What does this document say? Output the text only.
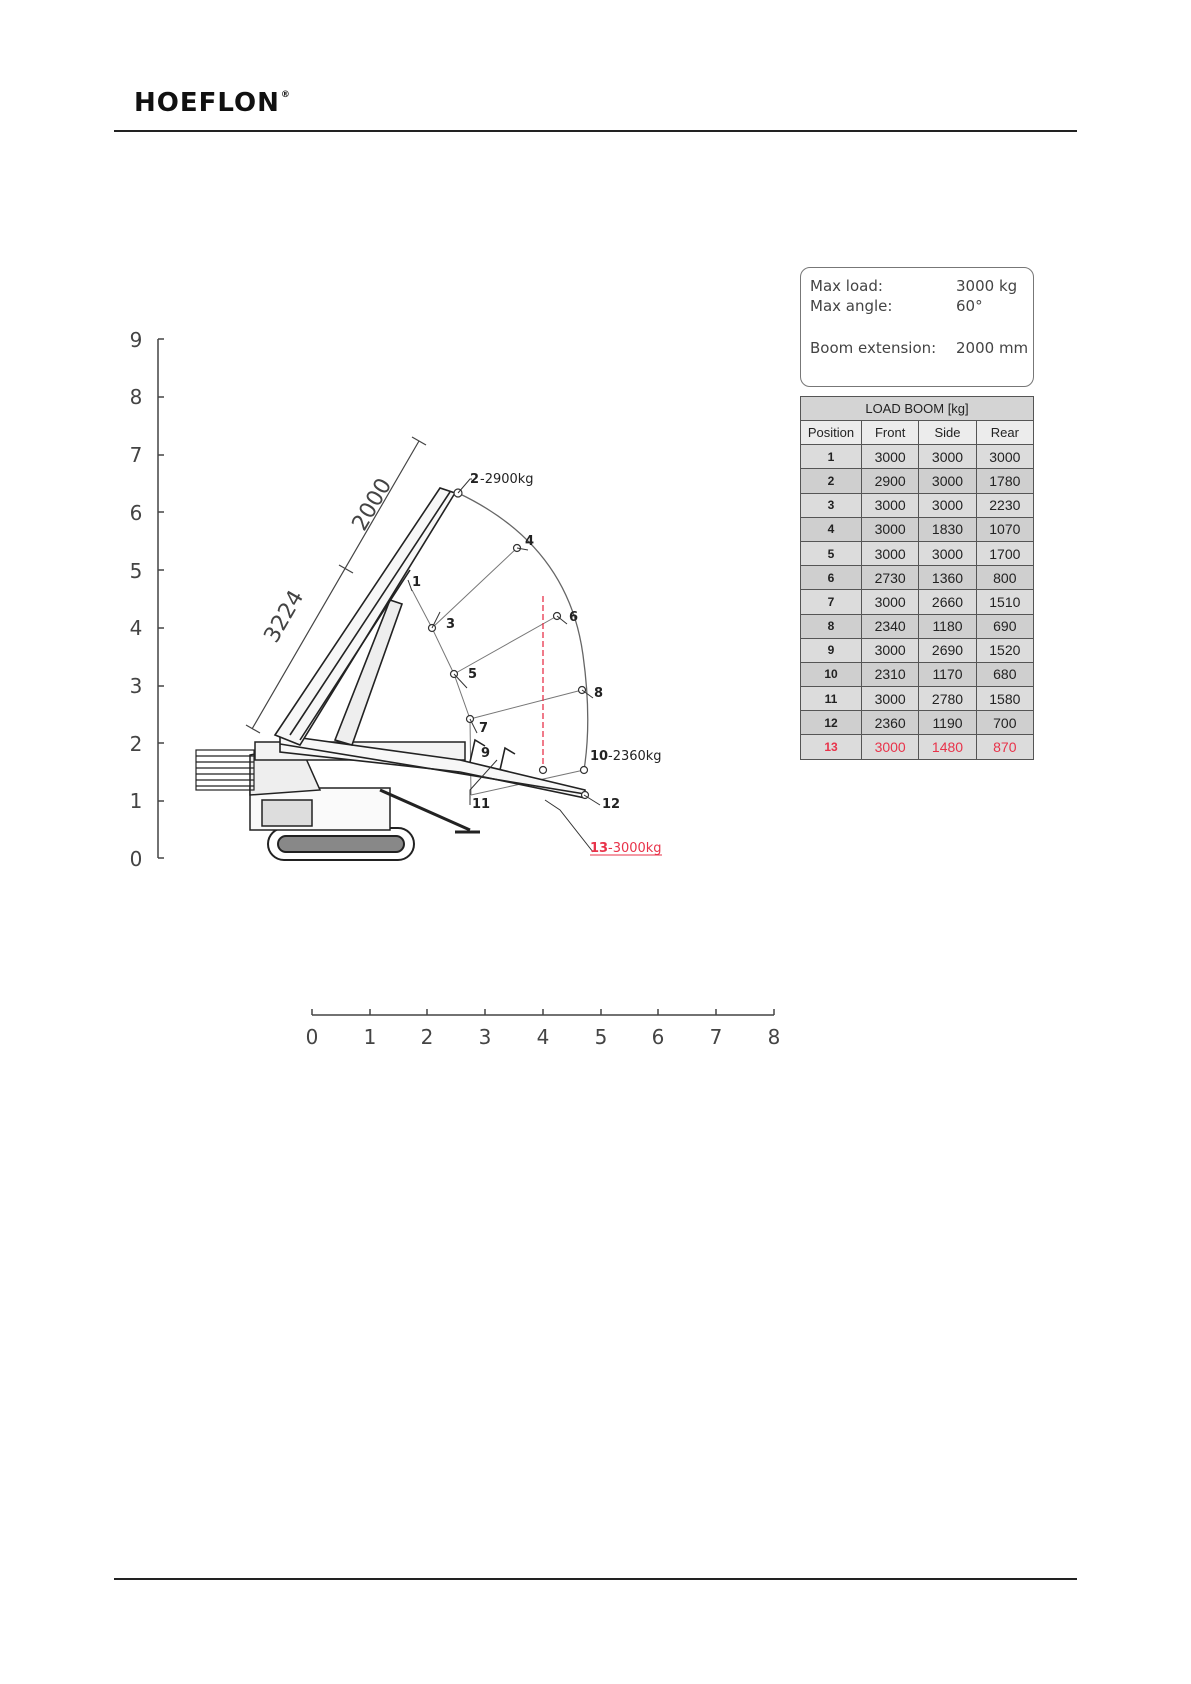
HOEFLON®
0
1
2
3
4
5
6
7
8
9
0 1 2 3 4 5 6 7 8
2000
3224
1
2 -2900kg
3
4
5
6
7
8
9	10 -2360kg
11	12
13 -3000kg
Max load:	3000 kg
Max angle:	60°
Boom extension: 2000 mm
LOAD BOOM [kg]			
Position	Front	Side	Rear
1	3000	3000	3000
2	2900	3000	1780
3	3000	3000	2230
4	3000	1830	1070
5	3000	3000	1700
6	2730	1360	800
7	3000	2660	1510
8	2340	1180	690
9	3000	2690	1520
10	2310	1170	680
11	3000	2780	1580
12	2360	1190	700
13	3000	1480	870
